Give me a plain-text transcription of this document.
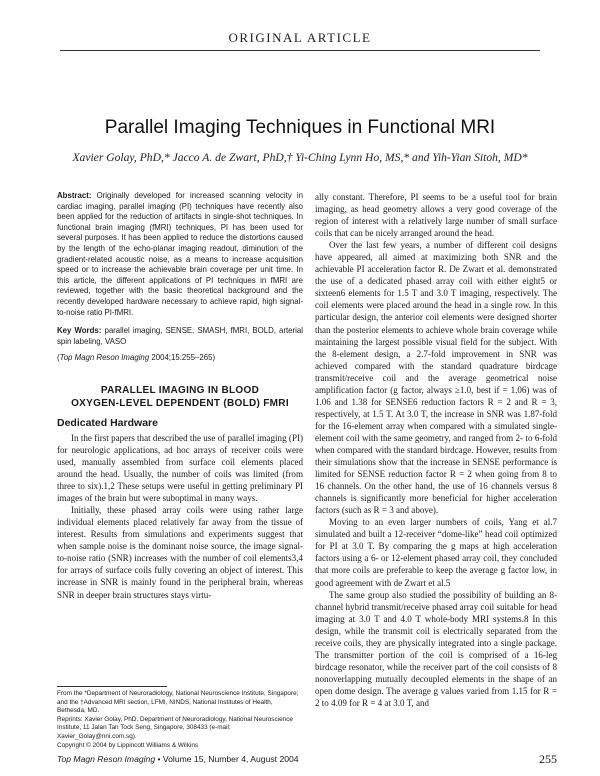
ORIGINAL ARTICLE
Parallel Imaging Techniques in Functional MRI
Xavier Golay, PhD,* Jacco A. de Zwart, PhD,† Yi-Ching Lynn Ho, MS,* and Yih-Yian Sitoh, MD*
Abstract: Originally developed for increased scanning velocity in cardiac imaging, parallel imaging (PI) techniques have recently also been applied for the reduction of artifacts in single-shot techniques. In functional brain imaging (fMRI) techniques, PI has been used for several purposes. It has been applied to reduce the distortions caused by the length of the echo-planar imaging readout, diminution of the gradient-related acoustic noise, as a means to increase acquisition speed or to increase the achievable brain coverage per unit time. In this article, the different applications of PI techniques in fMRI are reviewed, together with the basic theoretical background and the recently developed hardware necessary to achieve rapid, high signal-to-noise ratio PI-fMRI.
Key Words: parallel imaging, SENSE, SMASH, fMRI, BOLD, arterial spin labeling, VASO
(Top Magn Reson Imaging 2004;15:255–265)
PARALLEL IMAGING IN BLOOD
OXYGEN-LEVEL DEPENDENT (BOLD) FMRI
Dedicated Hardware

In the first papers that described the use of parallel imaging (PI) for neurologic applications, ad hoc arrays of receiver coils were used, manually assembled from surface coil elements placed around the head. Usually, the number of coils was limited (from three to six).1,2 These setups were useful in getting preliminary PI images of the brain but were suboptimal in many ways.

Initially, these phased array coils were using rather large individual elements placed relatively far away from the tissue of interest. Results from simulations and experiments suggest that when sample noise is the dominant noise source, the image signal-to-noise ratio (SNR) increases with the number of coil elements3,4 for arrays of surface coils fully covering an object of interest. This increase in SNR is mainly found in the peripheral brain, whereas SNR in deeper brain structures stays virtu-

ally constant. Therefore, PI seems to be a useful tool for brain imaging, as head geometry allows a very good coverage of the region of interest with a relatively large number of small surface coils that can be nicely arranged around the head.

Over the last few years, a number of different coil designs have appeared, all aimed at maximizing both SNR and the achievable PI acceleration factor R. De Zwart et al. demonstrated the use of a dedicated phased array coil with either eight5 or sixteen6 elements for 1.5 T and 3.0 T imaging, respectively. The coil elements were placed around the head in a single row. In this particular design, the anterior coil elements were designed shorter than the posterior elements to achieve whole brain coverage while maintaining the largest possible visual field for the subject. With the 8-element design, a 2.7-fold improvement in SNR was achieved compared with the standard quadrature birdcage transmit/receive coil and the average geometrical noise amplification factor (g factor, always ≥1.0, best if = 1.06) was of 1.06 and 1.38 for SENSE6 reduction factors R = 2 and R = 3, respectively, at 1.5 T. At 3.0 T, the increase in SNR was 1.87-fold for the 16-element array when compared with a simulated single-element coil with the same geometry, and ranged from 2- to 6-fold when compared with the standard birdcage. However, results from their simulations show that the increase in SENSE performance is limited for SENSE reduction factor R = 2 when going from 8 to 16 channels. On the other hand, the use of 16 channels versus 8 channels is significantly more beneficial for higher acceleration factors (such as R = 3 and above).

Moving to an even larger numbers of coils, Yang et al.7 simulated and built a 12-receiver “dome-like” head coil optimized for PI at 3.0 T. By comparing the g maps at high acceleration factors using a 6- or 12-element phased array coil, they concluded that more coils are preferable to keep the average g factor low, in good agreement with de Zwart et al.5

The same group also studied the possibility of building an 8-channel hybrid transmit/receive phased array coil suitable for head imaging at 3.0 T and 4.0 T whole-body MRI systems.8 In this design, while the transmit coil is electrically separated from the receive coils, they are physically integrated into a single package. The transmitter portion of the coil is comprised of a 16-leg birdcage resonator, while the receiver part of the coil consists of 8 nonoverlapping mutually decoupled elements in the shape of an open dome design. The average g values varied from 1.15 for R = 2 to 4.09 for R = 4 at 3.0 T, and

From the *Department of Neuroradiology, National Neuroscience Institute, Singapore; and the †Advanced MRI section, LFMI, NINDS, National Institutes of Health, Bethesda, MD.

Reprints: Xavier Golay, PhD, Department of Neuroradiology, National Neuroscience Institute, 11 Jalan Tan Tock Seng, Singapore, 308433 (e-mail: Xavier_Golay@nni.com.sg).

Copyright © 2004 by Lippincott Williams & Wilkins

Top Magn Reson Imaging • Volume 15, Number 4, August 2004	255
